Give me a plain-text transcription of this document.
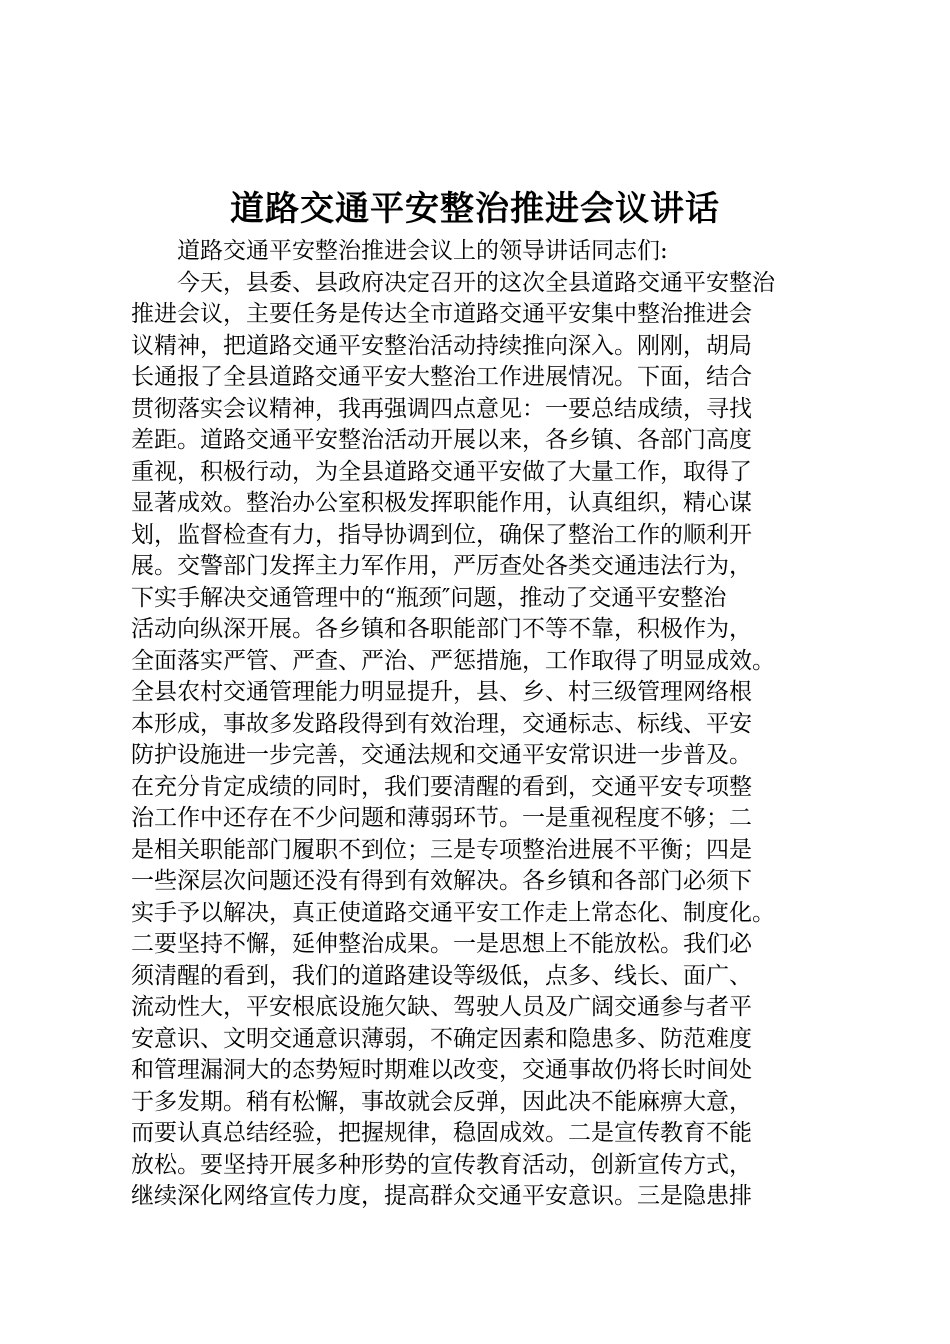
道路交通平安整治推进会议讲话
道路交通平安整治推进会议上的领导讲话同志们:
今天，县委、县政府决定召开的这次全县道路交通平安整治
推进会议，主要任务是传达全市道路交通平安集中整治推进会
议精神，把道路交通平安整治活动持续推向深入。刚刚，胡局
长通报了全县道路交通平安大整治工作进展情况。下面，结合
贯彻落实会议精神，我再强调四点意见：一要总结成绩，寻找
差距。道路交通平安整治活动开展以来，各乡镇、各部门高度
重视，积极行动，为全县道路交通平安做了大量工作，取得了
显著成效。整治办公室积极发挥职能作用，认真组织，精心谋
划，监督检查有力，指导协调到位，确保了整治工作的顺利开
展。交警部门发挥主力军作用，严厉查处各类交通违法行为，
下实手解决交通管理中的“瓶颈″问题，推动了交通平安整治
活动向纵深开展。各乡镇和各职能部门不等不靠，积极作为，
全面落实严管、严查、严治、严惩措施，工作取得了明显成效。
全县农村交通管理能力明显提升，县、乡、村三级管理网络根
本形成，事故多发路段得到有效治理，交通标志、标线、平安
防护设施进一步完善，交通法规和交通平安常识进一步普及。
在充分肯定成绩的同时，我们要清醒的看到，交通平安专项整
治工作中还存在不少问题和薄弱环节。一是重视程度不够；二
是相关职能部门履职不到位；三是专项整治进展不平衡；四是
一些深层次问题还没有得到有效解决。各乡镇和各部门必须下
实手予以解决，真正使道路交通平安工作走上常态化、制度化。
二要坚持不懈，延伸整治成果。一是思想上不能放松。我们必
须清醒的看到，我们的道路建设等级低，点多、线长、面广、
流动性大，平安根底设施欠缺、驾驶人员及广阔交通参与者平
安意识、文明交通意识薄弱，不确定因素和隐患多、防范难度
和管理漏洞大的态势短时期难以改变，交通事故仍将长时间处
于多发期。稍有松懈，事故就会反弹，因此决不能麻痹大意，
而要认真总结经验，把握规律，稳固成效。二是宣传教育不能
放松。要坚持开展多种形势的宣传教育活动，创新宣传方式，
继续深化网络宣传力度，提高群众交通平安意识。三是隐患排
